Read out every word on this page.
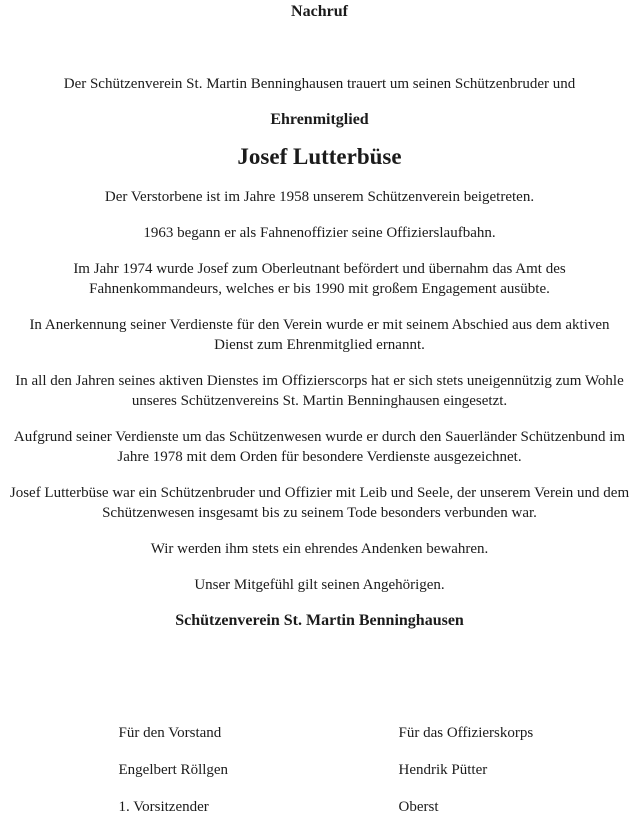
Nachruf

Der Schützenverein St. Martin Benninghausen trauert um seinen Schützenbruder und

Ehrenmitglied

Josef Lutterbüse

Der Verstorbene ist im Jahre 1958 unserem Schützenverein beigetreten.

1963 begann er als Fahnenoffizier seine Offizierslaufbahn.

Im Jahr 1974 wurde Josef zum Oberleutnant befördert und übernahm das Amt des Fahnenkommandeurs, welches er bis 1990 mit großem Engagement ausübte.

In Anerkennung seiner Verdienste für den Verein wurde er mit seinem Abschied aus dem aktiven Dienst zum Ehrenmitglied ernannt.

In all den Jahren seines aktiven Dienstes im Offizierscorps hat er sich stets uneigennützig zum Wohle unseres Schützenvereins St. Martin Benninghausen eingesetzt.

Aufgrund seiner Verdienste um das Schützenwesen wurde er durch den Sauerländer Schützenbund im Jahre 1978 mit dem Orden für besondere Verdienste ausgezeichnet.

Josef Lutterbüse war ein Schützenbruder und Offizier mit Leib und Seele, der unserem Verein und dem Schützenwesen insgesamt bis zu seinem Tode besonders verbunden war.

Wir werden ihm stets ein ehrendes Andenken bewahren.

Unser Mitgefühl gilt seinen Angehörigen.

Schützenverein St. Martin Benninghausen

Für den Vorstand

Engelbert Röllgen

1. Vorsitzender

Für das Offizierskorps

Hendrik Pütter

Oberst
